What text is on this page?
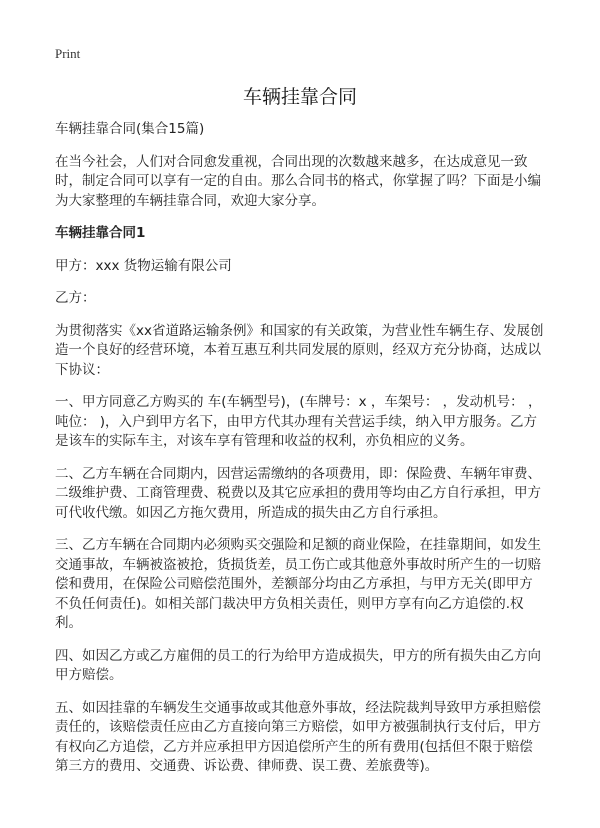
Print
车辆挂靠合同

车辆挂靠合同(集合15篇)

在当今社会，人们对合同愈发重视，合同出现的次数越来越多，在达成意见一致时，制定合同可以享有一定的自由。那么合同书的格式，你掌握了吗？下面是小编为大家整理的车辆挂靠合同，欢迎大家分享。

车辆挂靠合同1

甲方：xxx 货物运输有限公司

乙方：

为贯彻落实《xx省道路运输条例》和国家的有关政策，为营业性车辆生存、发展创造一个良好的经营环境，本着互惠互利共同发展的原则，经双方充分协商，达成以下协议：

一、甲方同意乙方购买的 车(车辆型号)，(车牌号：x ，车架号： ，发动机号： ，吨位： )，入户到甲方名下，由甲方代其办理有关营运手续，纳入甲方服务。乙方是该车的实际车主，对该车享有管理和收益的权利，亦负相应的义务。

二、乙方车辆在合同期内，因营运需缴纳的各项费用，即：保险费、车辆年审费、二级维护费、工商管理费、税费以及其它应承担的费用等均由乙方自行承担，甲方可代收代缴。如因乙方拖欠费用，所造成的损失由乙方自行承担。

三、乙方车辆在合同期内必须购买交强险和足额的商业保险，在挂靠期间，如发生交通事故，车辆被盗被抢，货损货差，员工伤亡或其他意外事故时所产生的一切赔偿和费用，在保险公司赔偿范围外，差额部分均由乙方承担，与甲方无关(即甲方不负任何责任)。如相关部门裁决甲方负相关责任，则甲方享有向乙方追偿的.权利。

四、如因乙方或乙方雇佣的员工的行为给甲方造成损失，甲方的所有损失由乙方向甲方赔偿。

五、如因挂靠的车辆发生交通事故或其他意外事故，经法院裁判导致甲方承担赔偿责任的，该赔偿责任应由乙方直接向第三方赔偿，如甲方被强制执行支付后，甲方有权向乙方追偿，乙方并应承担甲方因追偿所产生的所有费用(包括但不限于赔偿第三方的费用、交通费、诉讼费、律师费、误工费、差旅费等)。
